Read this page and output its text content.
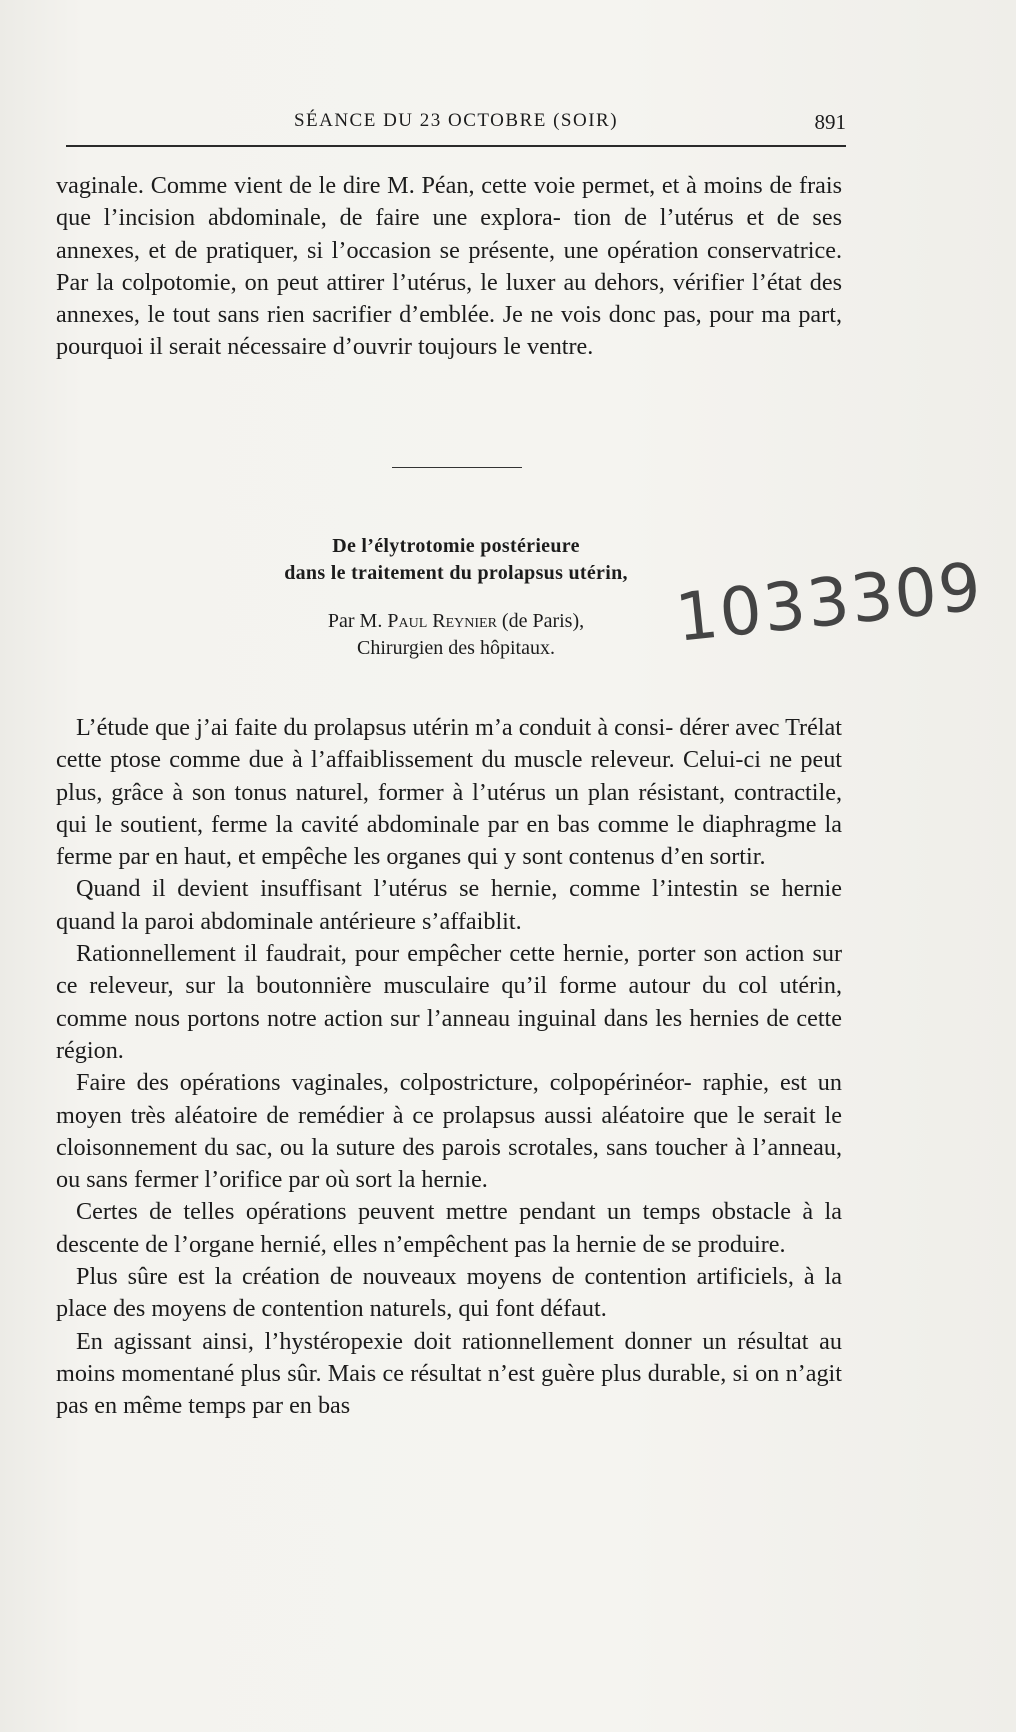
SÉANCE DU 23 OCTOBRE (SOIR)	891

vaginale. Comme vient de le dire M. Péan, cette voie permet, et à moins de frais que l’incision abdominale, de faire une explora- tion de l’utérus et de ses annexes, et de pratiquer, si l’occasion se présente, une opération conservatrice. Par la colpotomie, on peut attirer l’utérus, le luxer au dehors, vérifier l’état des annexes, le tout sans rien sacrifier d’emblée. Je ne vois donc pas, pour ma part, pourquoi il serait nécessaire d’ouvrir toujours le ventre.

De l’élytrotomie postérieure
dans le traitement du prolapsus utérin,
Par M. Paul Reynier (de Paris),
Chirurgien des hôpitaux.	1033309

L’étude que j’ai faite du prolapsus utérin m’a conduit à consi- dérer avec Trélat cette ptose comme due à l’affaiblissement du muscle releveur. Celui-ci ne peut plus, grâce à son tonus naturel, former à l’utérus un plan résistant, contractile, qui le soutient, ferme la cavité abdominale par en bas comme le diaphragme la ferme par en haut, et empêche les organes qui y sont contenus d’en sortir.

Quand il devient insuffisant l’utérus se hernie, comme l’intestin se hernie quand la paroi abdominale antérieure s’affaiblit.

Rationnellement il faudrait, pour empêcher cette hernie, porter son action sur ce releveur, sur la boutonnière musculaire qu’il forme autour du col utérin, comme nous portons notre action sur l’anneau inguinal dans les hernies de cette région.

Faire des opérations vaginales, colpostricture, colpopérinéor- raphie, est un moyen très aléatoire de remédier à ce prolapsus aussi aléatoire que le serait le cloisonnement du sac, ou la suture des parois scrotales, sans toucher à l’anneau, ou sans fermer l’orifice par où sort la hernie.

Certes de telles opérations peuvent mettre pendant un temps obstacle à la descente de l’organe hernié, elles n’empêchent pas la hernie de se produire.

Plus sûre est la création de nouveaux moyens de contention artificiels, à la place des moyens de contention naturels, qui font défaut.

En agissant ainsi, l’hystéropexie doit rationnellement donner un résultat au moins momentané plus sûr. Mais ce résultat n’est guère plus durable, si on n’agit pas en même temps par en bas
